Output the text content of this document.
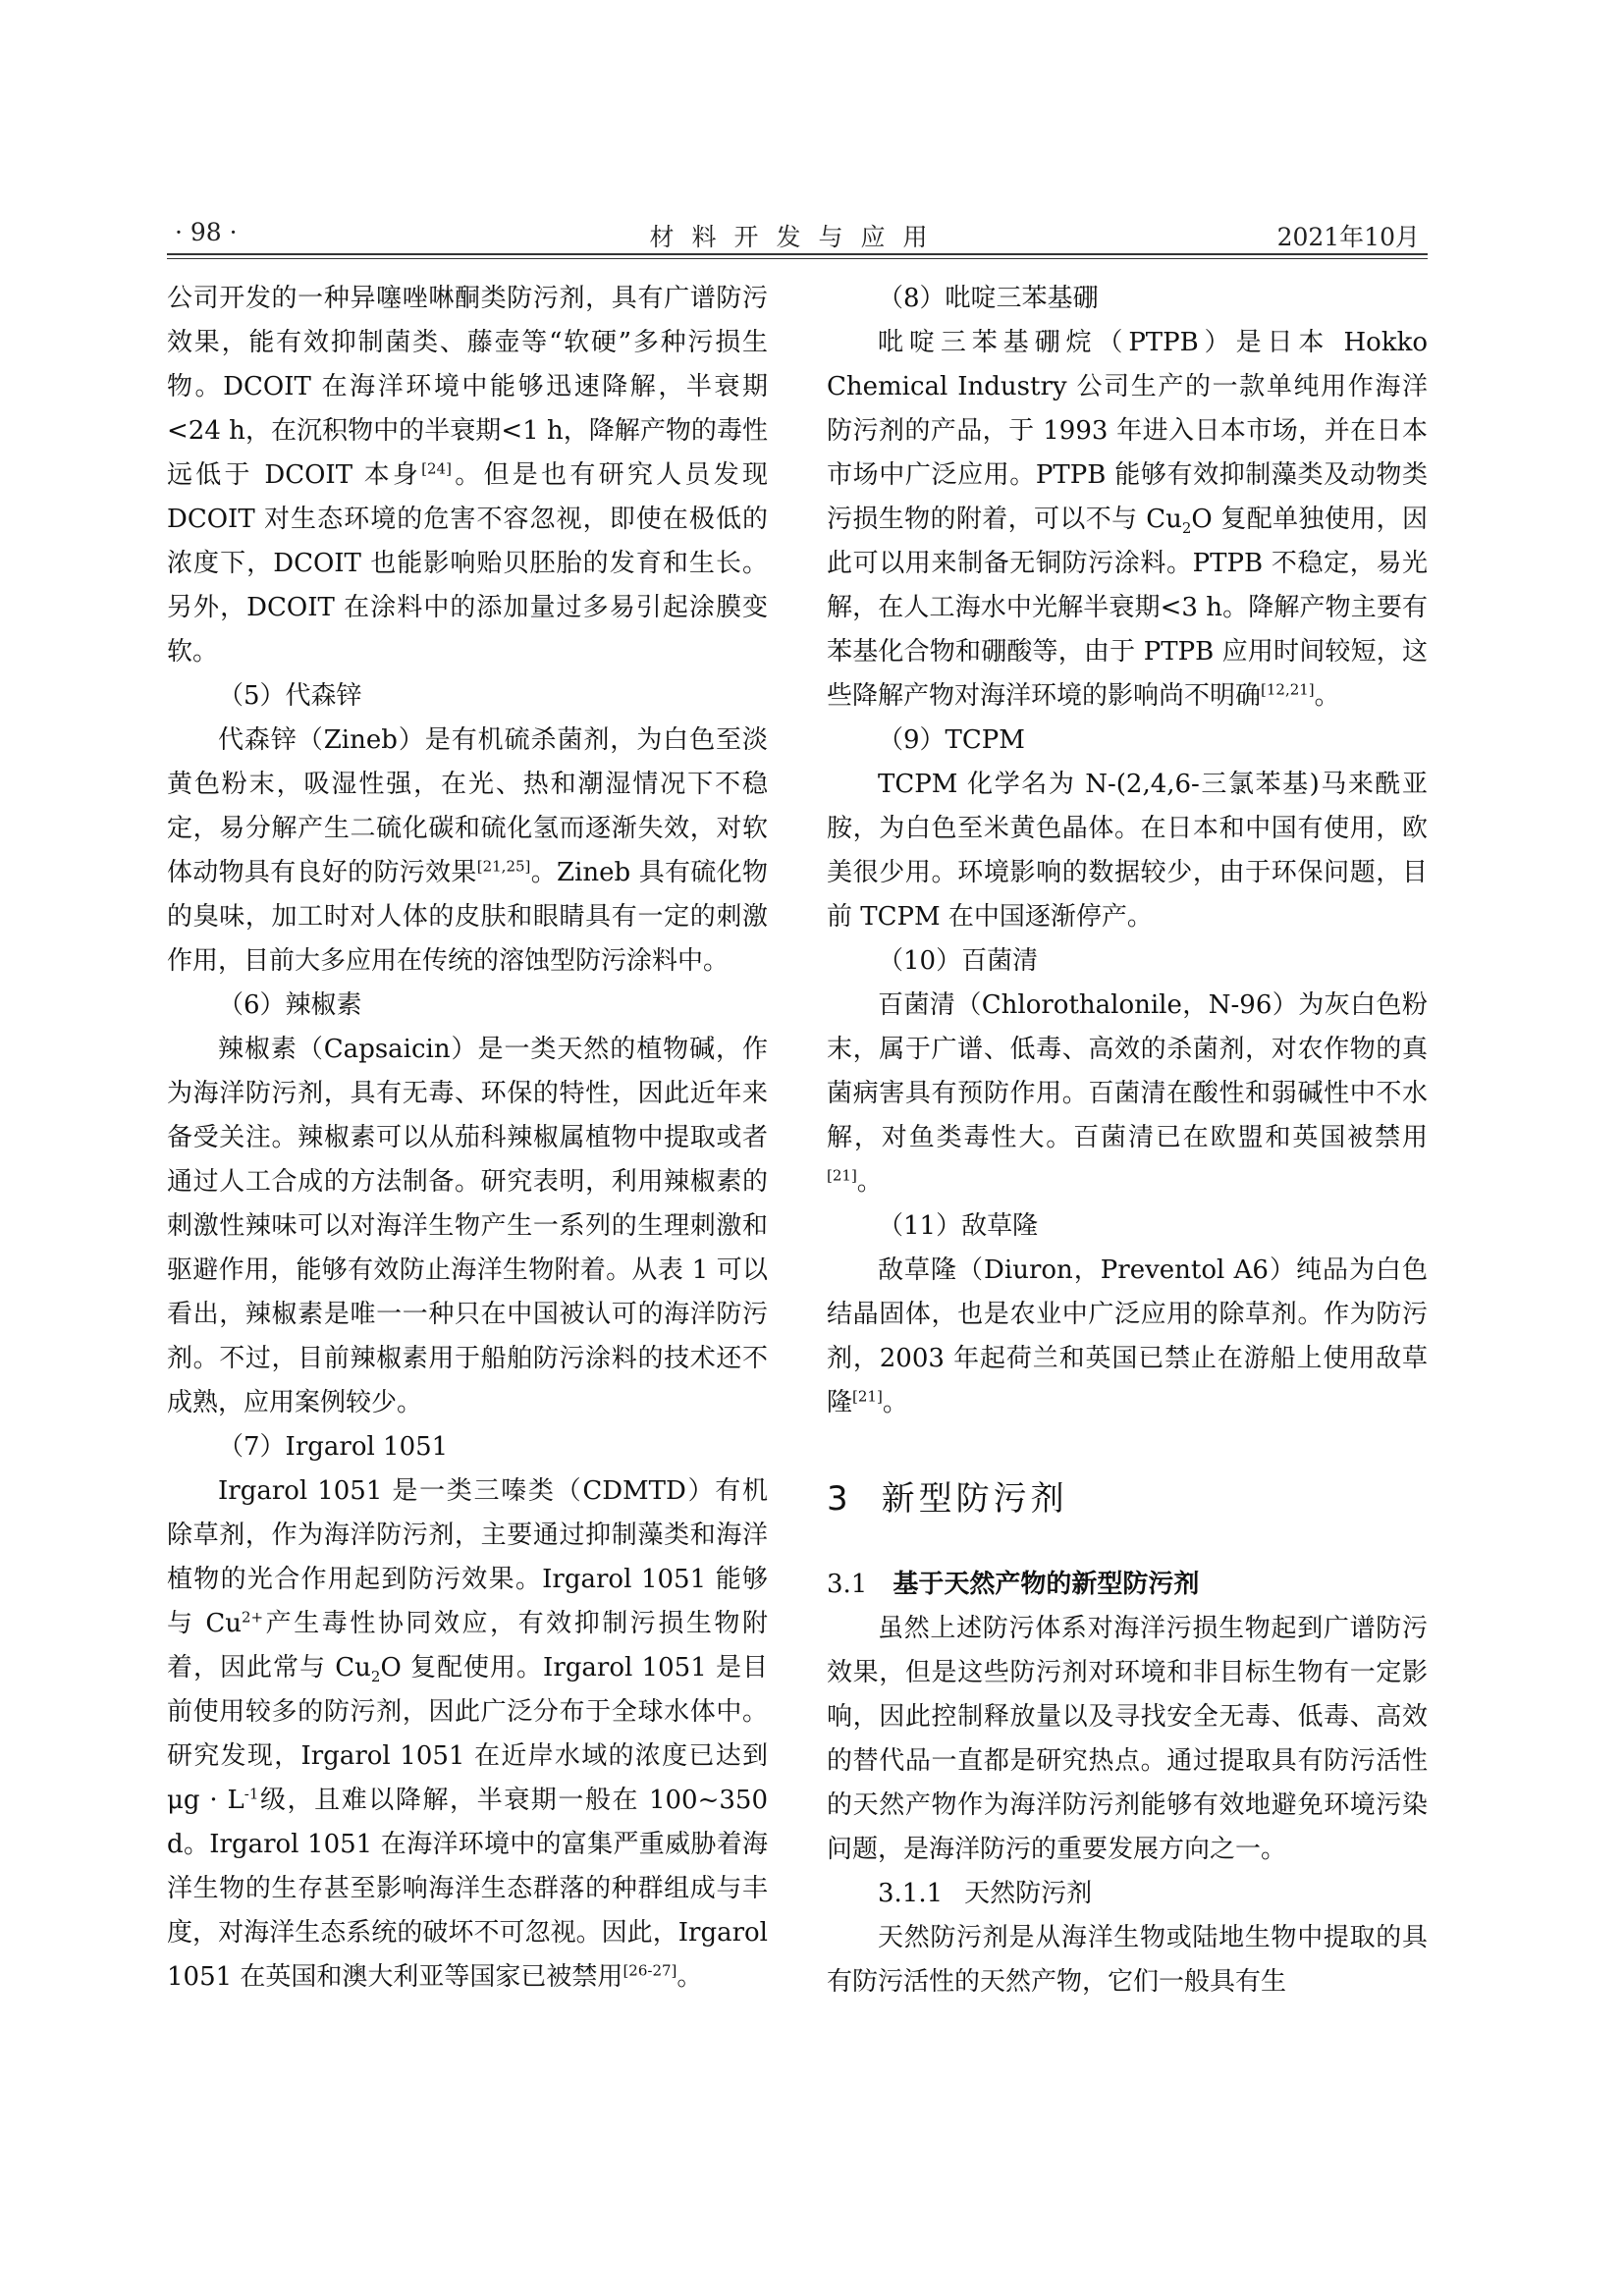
· 98 ·	材料开发与应用	2021年10月

公司开发的一种异噻唑啉酮类防污剂，具有广谱防污效果，能有效抑制菌类、藤壶等“软硬”多种污损生物。DCOIT 在海洋环境中能够迅速降解，半衰期<24 h，在沉积物中的半衰期<1 h，降解产物的毒性远低于 DCOIT 本身[24]。但是也有研究人员发现 DCOIT 对生态环境的危害不容忽视，即使在极低的浓度下，DCOIT 也能影响贻贝胚胎的发育和生长。另外，DCOIT 在涂料中的添加量过多易引起涂膜变软。

（5）代森锌

代森锌（Zineb）是有机硫杀菌剂，为白色至淡黄色粉末，吸湿性强，在光、热和潮湿情况下不稳定，易分解产生二硫化碳和硫化氢而逐渐失效，对软体动物具有良好的防污效果[21,25]。Zineb 具有硫化物的臭味，加工时对人体的皮肤和眼睛具有一定的刺激作用，目前大多应用在传统的溶蚀型防污涂料中。

（6）辣椒素

辣椒素（Capsaicin）是一类天然的植物碱，作为海洋防污剂，具有无毒、环保的特性，因此近年来备受关注。辣椒素可以从茄科辣椒属植物中提取或者通过人工合成的方法制备。研究表明，利用辣椒素的刺激性辣味可以对海洋生物产生一系列的生理刺激和驱避作用，能够有效防止海洋生物附着。从表 1 可以看出，辣椒素是唯一一种只在中国被认可的海洋防污剂。不过，目前辣椒素用于船舶防污涂料的技术还不成熟，应用案例较少。

（7）Irgarol 1051

Irgarol 1051 是一类三嗪类（CDMTD）有机除草剂，作为海洋防污剂，主要通过抑制藻类和海洋植物的光合作用起到防污效果。Irgarol 1051 能够与 $Cu^{2+}$产生毒性协同效应，有效抑制污损生物附着，因此常与 $Cu_2O$ 复配使用。Irgarol 1051 是目前使用较多的防污剂，因此广泛分布于全球水体中。研究发现，Irgarol 1051 在近岸水域的浓度已达到 $\mu g \cdot L^{-1}$级，且难以降解，半衰期一般在 100~350 d。Irgarol 1051 在海洋环境中的富集严重威胁着海洋生物的生存甚至影响海洋生态群落的种群组成与丰度，对海洋生态系统的破坏不可忽视。因此，Irgarol 1051 在英国和澳大利亚等国家已被禁用[26-27]。

（8）吡啶三苯基硼

吡啶三苯基硼烷（PTPB）是日本 Hokko Chemical Industry 公司生产的一款单纯用作海洋防污剂的产品，于 1993 年进入日本市场，并在日本市场中广泛应用。PTPB 能够有效抑制藻类及动物类污损生物的附着，可以不与 $Cu_2O$ 复配单独使用，因此可以用来制备无铜防污涂料。PTPB 不稳定，易光解，在人工海水中光解半衰期<3 h。降解产物主要有苯基化合物和硼酸等，由于 PTPB 应用时间较短，这些降解产物对海洋环境的影响尚不明确[12,21]。

（9）TCPM

TCPM 化学名为 N-(2,4,6-三氯苯基)马来酰亚胺，为白色至米黄色晶体。在日本和中国有使用，欧美很少用。环境影响的数据较少，由于环保问题，目前 TCPM 在中国逐渐停产。

（10）百菌清

百菌清（Chlorothalonile，N-96）为灰白色粉末，属于广谱、低毒、高效的杀菌剂，对农作物的真菌病害具有预防作用。百菌清在酸性和弱碱性中不水解，对鱼类毒性大。百菌清已在欧盟和英国被禁用[21]。

（11）敌草隆

敌草隆（Diuron，Preventol A6）纯品为白色结晶固体，也是农业中广泛应用的除草剂。作为防污剂，2003 年起荷兰和英国已禁止在游船上使用敌草隆[21]。

3 新型防污剂
3.1 基于天然产物的新型防污剂

虽然上述防污体系对海洋污损生物起到广谱防污效果，但是这些防污剂对环境和非目标生物有一定影响，因此控制释放量以及寻找安全无毒、低毒、高效的替代品一直都是研究热点。通过提取具有防污活性的天然产物作为海洋防污剂能够有效地避免环境污染问题，是海洋防污的重要发展方向之一。

3.1.1 天然防污剂

天然防污剂是从海洋生物或陆地生物中提取的具有防污活性的天然产物，它们一般具有生
